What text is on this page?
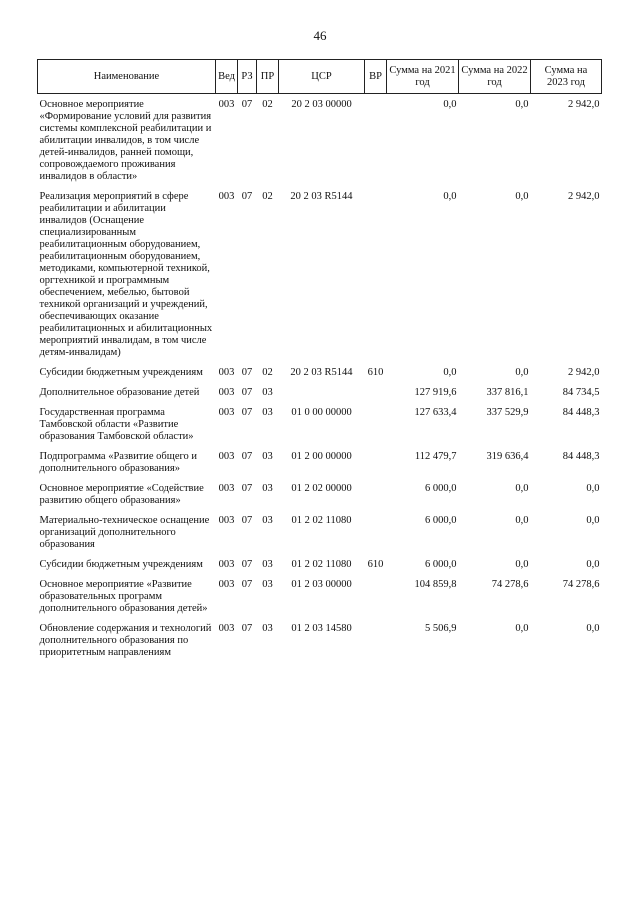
46
Наименование	Вед	РЗ	ПР	ЦСР	ВР	Сумма на 2021 год	Сумма на 2022 год	Сумма на 2023 год
Основное мероприятие «Формирование условий для развития системы комплексной реабилитации и абилитации инвалидов, в том числе детей-инвалидов, ранней помощи, сопровождаемого проживания инвалидов в области»	003	07	02	20 2 03 00000		0,0	0,0	2 942,0
Реализация мероприятий в сфере реабилитации и абилитации инвалидов (Оснащение специализированным реабилитационным оборудованием, реабилитационным оборудованием, методиками, компьютерной техникой, оргтехникой и программным обеспечением, мебелью, бытовой техникой организаций и учреждений, обеспечивающих оказание реабилитационных и абилитационных мероприятий инвалидам, в том числе детям-инвалидам)	003	07	02	20 2 03 R5144		0,0	0,0	2 942,0
Субсидии бюджетным учреждениям	003	07	02	20 2 03 R5144	610	0,0	0,0	2 942,0
Дополнительное образование детей	003	07	03			127 919,6	337 816,1	84 734,5
Государственная программа Тамбовской области «Развитие образования Тамбовской области»	003	07	03	01 0 00 00000		127 633,4	337 529,9	84 448,3
Подпрограмма «Развитие общего и дополнительного образования»	003	07	03	01 2 00 00000		112 479,7	319 636,4	84 448,3
Основное мероприятие «Содействие развитию общего образования»	003	07	03	01 2 02 00000		6 000,0	0,0	0,0
Материально-техническое оснащение организаций дополнительного образования	003	07	03	01 2 02 11080		6 000,0	0,0	0,0
Субсидии бюджетным учреждениям	003	07	03	01 2 02 11080	610	6 000,0	0,0	0,0
Основное мероприятие «Развитие образовательных программ дополнительного образования детей»	003	07	03	01 2 03 00000		104 859,8	74 278,6	74 278,6
Обновление содержания и технологий дополнительного образования по приоритетным направлениям	003	07	03	01 2 03 14580		5 506,9	0,0	0,0
